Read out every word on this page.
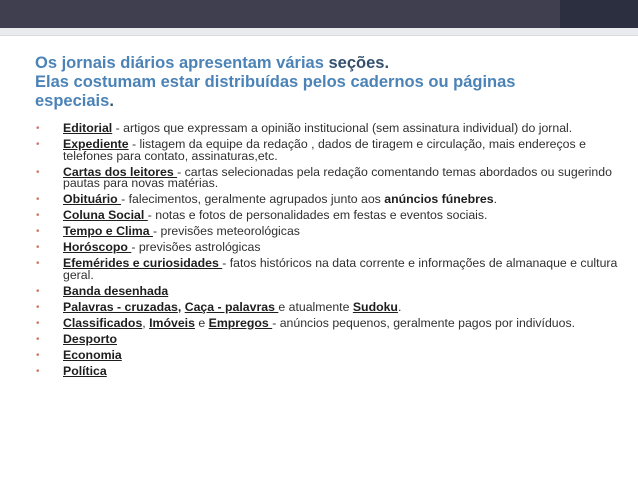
Os jornais diários apresentam várias seções.
Elas costumam estar distribuídas pelos cadernos ou páginas
especiais.
• Editorial - artigos que expressam a opinião institucional (sem assinatura individual) do jornal.
• Expediente - listagem da equipe da redação , dados de tiragem e circulação, mais endereços e telefones para contato, assinaturas,etc.
• Cartas dos leitores - cartas selecionadas pela redação comentando temas abordados ou sugerindo pautas para novas matérias.
• Obituário - falecimentos, geralmente agrupados junto aos anúncios fúnebres.
• Coluna Social - notas e fotos de personalidades em festas e eventos sociais.
• Tempo e Clima - previsões meteorológicas
• Horóscopo - previsões astrológicas
• Efemérides e curiosidades - fatos históricos na data corrente e informações de almanaque e cultura geral.
• Banda desenhada
• Palavras - cruzadas, Caça - palavras e atualmente Sudoku.
• Classificados, Imóveis e Empregos - anúncios pequenos, geralmente pagos por indivíduos.
• Desporto
• Economia
• Política
